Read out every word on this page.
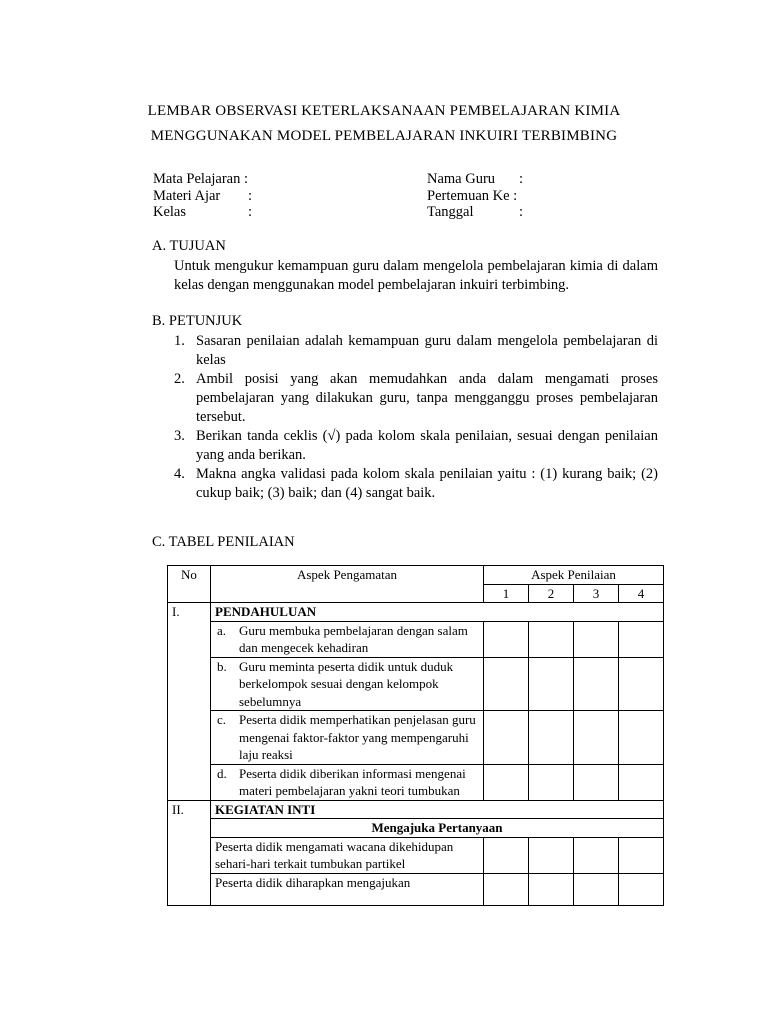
LEMBAR OBSERVASI KETERLAKSANAAN PEMBELAJARAN KIMIA
MENGGUNAKAN MODEL PEMBELAJARAN INKUIRI TERBIMBING
Mata Pelajaran :
Materi Ajar :
Kelas	:
Nama Guru :
Pertemuan Ke :
Tanggal	:
A. TUJUAN
Untuk mengukur kemampuan guru dalam mengelola pembelajaran kimia di dalam kelas dengan menggunakan model pembelajaran inkuiri terbimbing.
B. PETUNJUK
1. Sasaran penilaian adalah kemampuan guru dalam mengelola pembelajaran di kelas
2. Ambil posisi yang akan memudahkan anda dalam mengamati proses pembelajaran yang dilakukan guru, tanpa mengganggu proses pembelajaran tersebut.
3. Berikan tanda ceklis (√) pada kolom skala penilaian, sesuai dengan penilaian yang anda berikan.
4. Makna angka validasi pada kolom skala penilaian yaitu : (1) kurang baik; (2) cukup baik; (3) baik; dan (4) sangat baik.
C. TABEL PENILAIAN
No	Aspek Pengamatan	Aspek Penilaian			
		1	2	3	4
I.	PENDAHULUAN				

	a. Guru membuka pembelajaran dengan salam dan mengecek kehadiran				

	b. Guru meminta peserta didik untuk duduk berkelompok sesuai dengan kelompok sebelumnya				

	c. Peserta didik memperhatikan penjelasan guru mengenai faktor-faktor yang mempengaruhi laju reaksi				

	d. Peserta didik diberikan informasi mengenai materi pembelajaran yakni teori tumbukan				

II.	KEGIATAN INTI				
	Mengajuka Pertanyaan				
	Peserta didik mengamati wacana dikehidupan sehari-hari terkait tumbukan partikel				
	Peserta didik diharapkan mengajukan				
